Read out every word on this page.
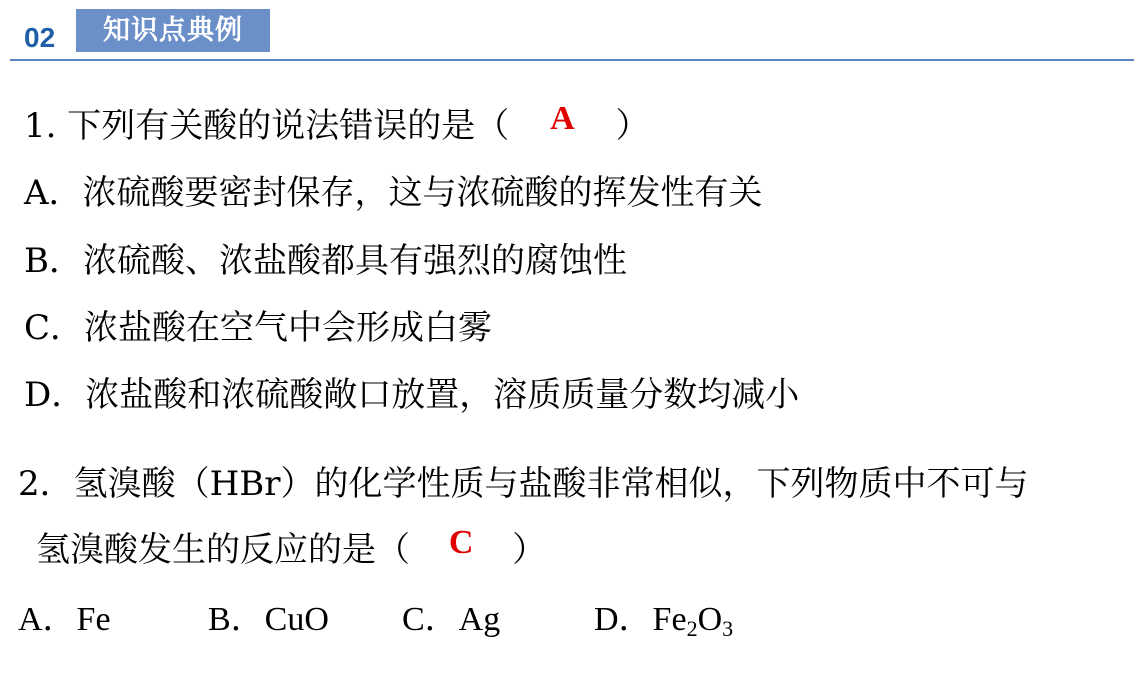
02	知识点典例
1. 下列有关酸的说法错误的是（ A ）
A．浓硫酸要密封保存，这与浓硫酸的挥发性有关
B．浓硫酸、浓盐酸都具有强烈的腐蚀性
C．浓盐酸在空气中会形成白雾
D．浓盐酸和浓硫酸敞口放置，溶质质量分数均减小
2．氢溴酸（HBr）的化学性质与盐酸非常相似，下列物质中不可与
氢溴酸发生的反应的是（ C ）
A．Fe	B．CuO C．Ag	D．$Fe_2O_3$
